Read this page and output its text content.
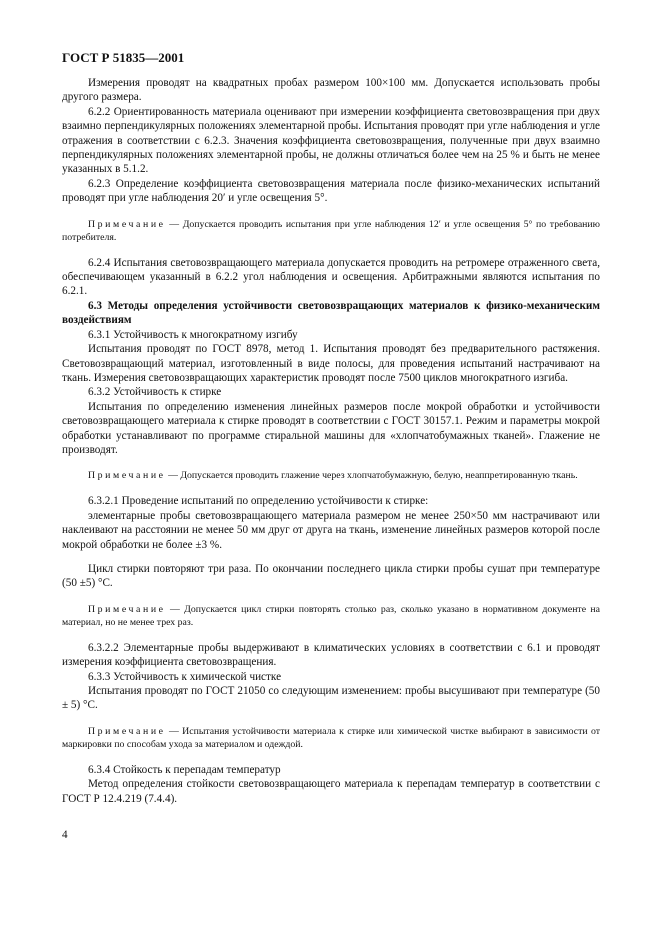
ГОСТ Р 51835—2001

Измерения проводят на квадратных пробах размером 100×100 мм. Допускается использовать пробы другого размера.

6.2.2 Ориентированность материала оценивают при измерении коэффициента световозвращения при двух взаимно перпендикулярных положениях элементарной пробы. Испытания проводят при угле наблюдения и угле отражения в соответствии с 6.2.3. Значения коэффициента световозвращения, полученные при двух взаимно перпендикулярных положениях элементарной пробы, не должны отличаться более чем на 25 % и быть не менее указанных в 5.1.2.

6.2.3 Определение коэффициента световозвращения материала после физико-механических испытаний проводят при угле наблюдения 20′ и угле освещения 5°.

Примечание — Допускается проводить испытания при угле наблюдения 12′ и угле освещения 5° по требованию потребителя.

6.2.4 Испытания световозвращающего материала допускается проводить на ретромере отраженного света, обеспечивающем указанный в 6.2.2 угол наблюдения и освещения. Арбитражными являются испытания по 6.2.1.

6.3 Методы определения устойчивости световозвращающих материалов к физико-механическим воздействиям

6.3.1 Устойчивость к многократному изгибу

Испытания проводят по ГОСТ 8978, метод 1. Испытания проводят без предварительного растяжения. Световозвращающий материал, изготовленный в виде полосы, для проведения испытаний настрачивают на ткань. Измерения световозвращающих характеристик проводят после 7500 циклов многократного изгиба.

6.3.2 Устойчивость к стирке

Испытания по определению изменения линейных размеров после мокрой обработки и устойчивости световозвращающего материала к стирке проводят в соответствии с ГОСТ 30157.1. Режим и параметры мокрой обработки устанавливают по программе стиральной машины для «хлопчатобумажных тканей». Глажение не производят.

Примечание — Допускается проводить глажение через хлопчатобумажную, белую, неаппретированную ткань.

6.3.2.1 Проведение испытаний по определению устойчивости к стирке:

элементарные пробы световозвращающего материала размером не менее 250×50 мм настрачивают или наклеивают на расстоянии не менее 50 мм друг от друга на ткань, изменение линейных размеров которой после мокрой обработки не более ±3 %.

Цикл стирки повторяют три раза. По окончании последнего цикла стирки пробы сушат при температуре (50 ±5) °С.

Примечание — Допускается цикл стирки повторять столько раз, сколько указано в нормативном документе на материал, но не менее трех раз.

6.3.2.2 Элементарные пробы выдерживают в климатических условиях в соответствии с 6.1 и проводят измерения коэффициента световозвращения.

6.3.3 Устойчивость к химической чистке

Испытания проводят по ГОСТ 21050 со следующим изменением: пробы высушивают при температуре (50 ± 5) °С.

Примечание — Испытания устойчивости материала к стирке или химической чистке выбирают в зависимости от маркировки по способам ухода за материалом и одеждой.

6.3.4 Стойкость к перепадам температур

Метод определения стойкости световозвращающего материала к перепадам температур в соответствии с ГОСТ Р 12.4.219 (7.4.4).

4
